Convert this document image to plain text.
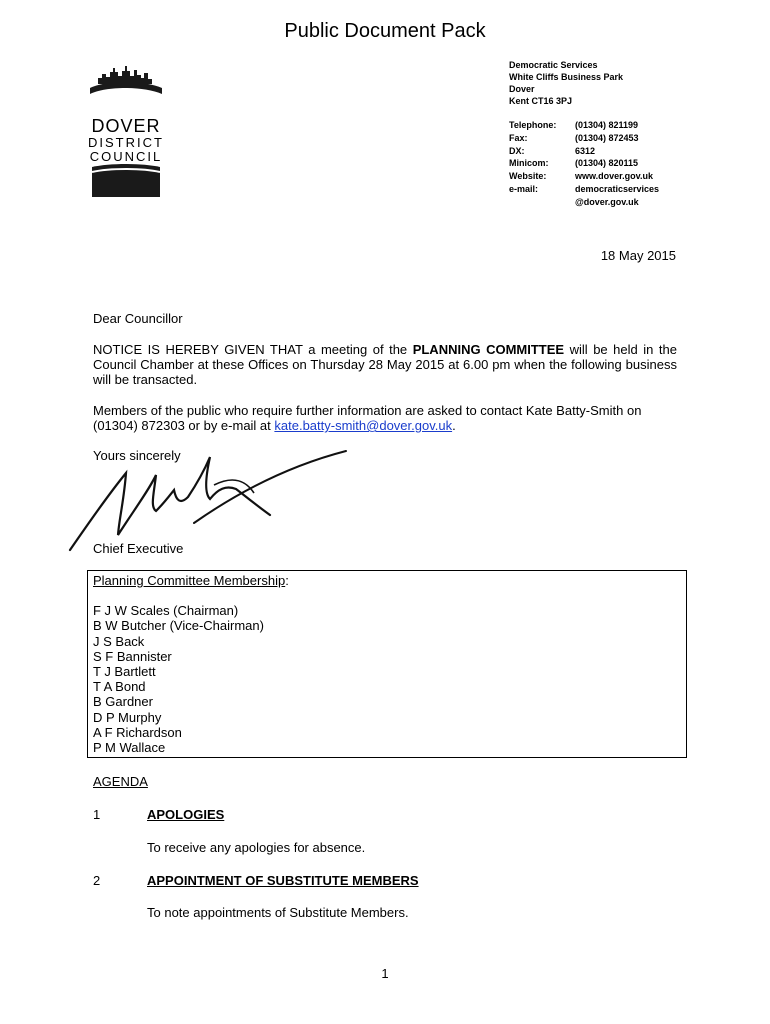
Public Document Pack
DOVER
DISTRICT
COUNCIL
Democratic Services
White Cliffs Business Park
Dover
Kent CT16 3PJ
Telephone:	(01304) 821199
Fax:	(01304) 872453
DX:	6312
Minicom:	(01304) 820115
Website:	www.dover.gov.uk
e-mail:	democraticservices
@dover.gov.uk
18 May 2015
Dear Councillor
NOTICE IS HEREBY GIVEN THAT a meeting of the PLANNING COMMITTEE will be held in the Council Chamber at these Offices on Thursday 28 May 2015 at 6.00 pm when the following business will be transacted.
Members of the public who require further information are asked to contact Kate Batty-Smith on (01304) 872303 or by e-mail at kate.batty-smith@dover.gov.uk.
Yours sincerely
Chief Executive
Planning Committee Membership:
F J W Scales (Chairman)
B W Butcher (Vice-Chairman)
J S Back
S F Bannister
T J Bartlett
T A Bond
B Gardner
D P Murphy
A F Richardson
P M Wallace
AGENDA
1	APOLOGIES
To receive any apologies for absence.
2	APPOINTMENT OF SUBSTITUTE MEMBERS
To note appointments of Substitute Members.
1
